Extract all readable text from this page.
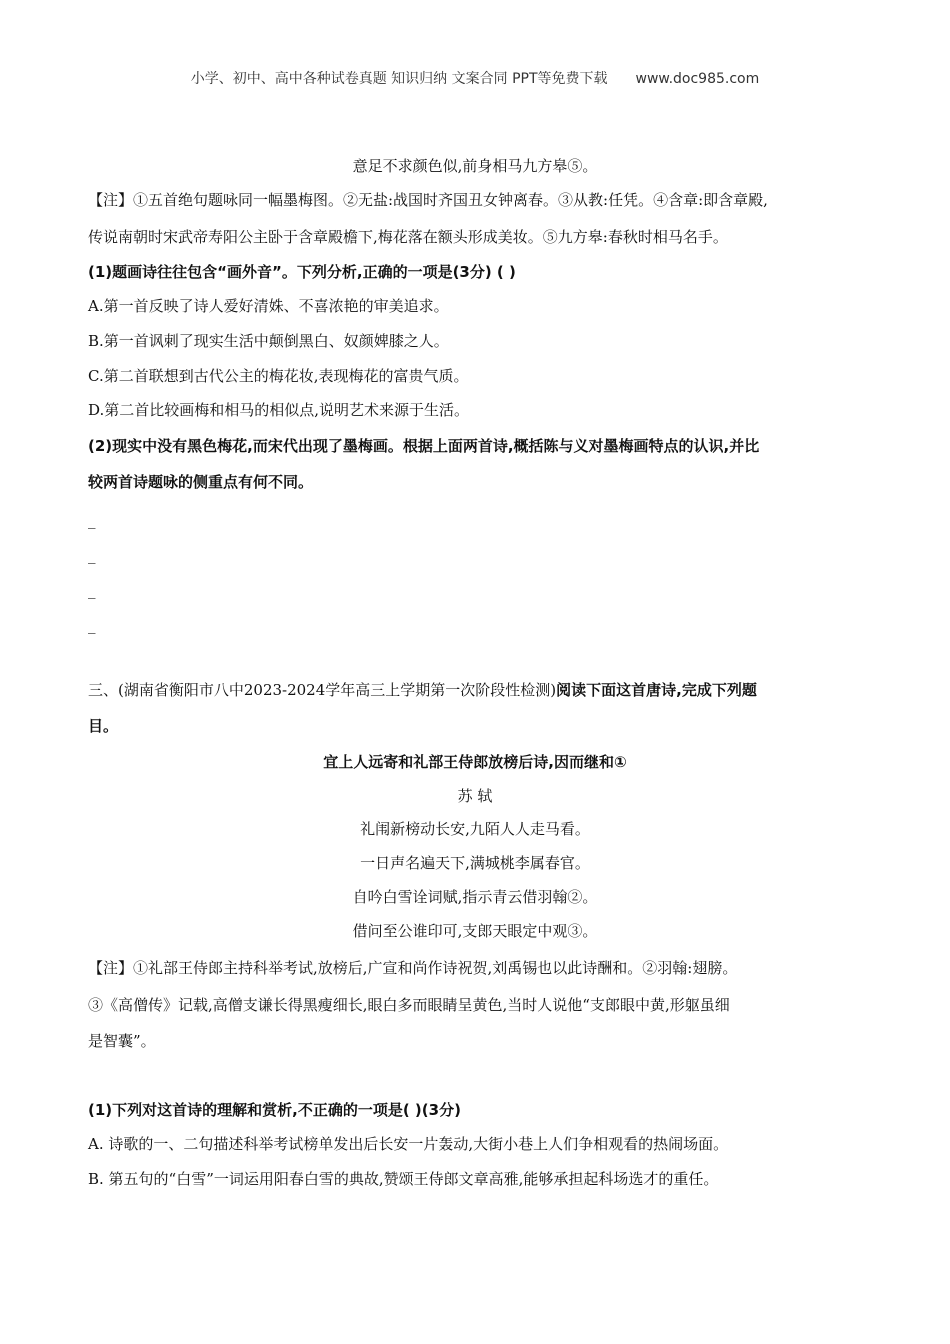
小学、初中、高中各种试卷真题 知识归纳 文案合同 PPT等免费下载 www.doc985.com
意足不求颜色似,前身相马九方皋⑤。
【注】①五首绝句题咏同一幅墨梅图。②无盐:战国时齐国丑女钟离春。③从教:任凭。④含章:即含章殿,
传说南朝时宋武帝寿阳公主卧于含章殿檐下,梅花落在额头形成美妆。⑤九方皋:春秋时相马名手。
(1)题画诗往往包含“画外音”。下列分析,正确的一项是(3分) ( )
A.第一首反映了诗人爱好清姝、不喜浓艳的审美追求。
B.第一首讽刺了现实生活中颠倒黑白、奴颜婢膝之人。
C.第二首联想到古代公主的梅花妆,表现梅花的富贵气质。
D.第二首比较画梅和相马的相似点,说明艺术来源于生活。
(2)现实中没有黑色梅花,而宋代出现了墨梅画。根据上面两首诗,概括陈与义对墨梅画特点的认识,并比
较两首诗题咏的侧重点有何不同。
_
_
_
_
三、(湖南省衡阳市八中2023-2024学年高三上学期第一次阶段性检测)阅读下面这首唐诗,完成下列题
目。
宜上人远寄和礼部王侍郎放榜后诗,因而继和①
苏 轼
礼闱新榜动长安,九陌人人走马看。
一日声名遍天下,满城桃李属春官。
自吟白雪诠词赋,指示青云借羽翰②。
借问至公谁印可,支郎天眼定中观③。
【注】①礼部王侍郎主持科举考试,放榜后,广宣和尚作诗祝贺,刘禹锡也以此诗酬和。②羽翰:翅膀。
③《高僧传》记载,高僧支谦长得黑瘦细长,眼白多而眼睛呈黄色,当时人说他“支郎眼中黄,形躯虽细
是智囊”。
(1)下列对这首诗的理解和赏析,不正确的一项是( )(3分)
A. 诗歌的一、二句描述科举考试榜单发出后长安一片轰动,大街小巷上人们争相观看的热闹场面。
B. 第五句的“白雪”一词运用阳春白雪的典故,赞颂王侍郎文章高雅,能够承担起科场选才的重任。
